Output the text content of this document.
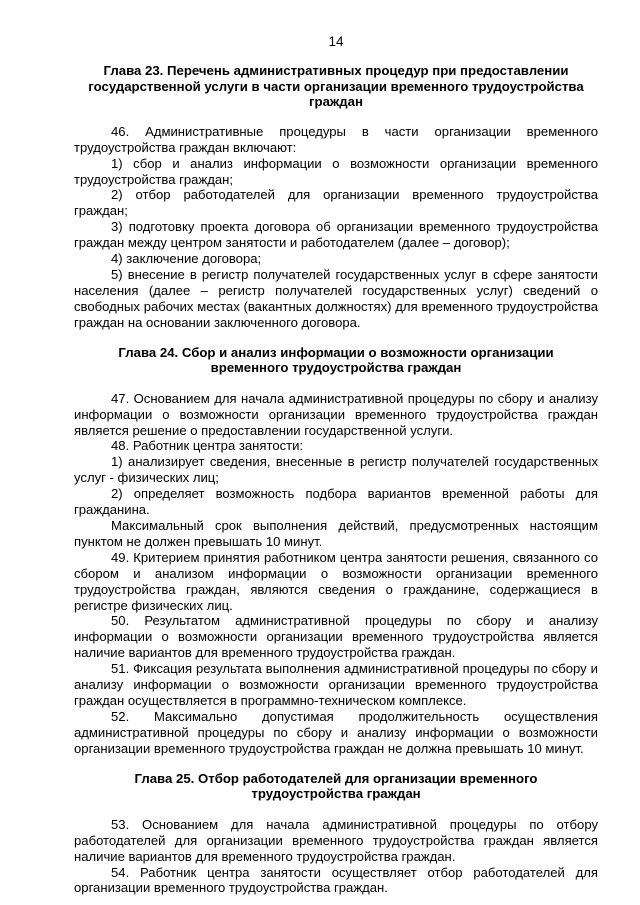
14
Глава 23. Перечень административных процедур при предоставлении государственной услуги в части организации временного трудоустройства граждан

46. Административные процедуры в части организации временного трудоустройства граждан включают:

1) сбор и анализ информации о возможности организации временного трудоустройства граждан;

2) отбор работодателей для организации временного трудоустройства граждан;

3) подготовку проекта договора об организации временного трудоустройства граждан между центром занятости и работодателем (далее – договор);

4) заключение договора;

5) внесение в регистр получателей государственных услуг в сфере занятости населения (далее – регистр получателей государственных услуг) сведений о свободных рабочих местах (вакантных должностях) для временного трудоустройства граждан на основании заключенного договора.

Глава 24. Сбор и анализ информации о возможности организации временного трудоустройства граждан

47. Основанием для начала административной процедуры по сбору и анализу информации о возможности организации временного трудоустройства граждан является решение о предоставлении государственной услуги.

48. Работник центра занятости:

1) анализирует сведения, внесенные в регистр получателей государственных услуг - физических лиц;

2) определяет возможность подбора вариантов временной работы для гражданина.

Максимальный срок выполнения действий, предусмотренных настоящим пунктом не должен превышать 10 минут.

49. Критерием принятия работником центра занятости решения, связанного со сбором и анализом информации о возможности организации временного трудоустройства граждан, являются сведения о гражданине, содержащиеся в регистре физических лиц.

50. Результатом административной процедуры по сбору и анализу информации о возможности организации временного трудоустройства является наличие вариантов для временного трудоустройства граждан.

51. Фиксация результата выполнения административной процедуры по сбору и анализу информации о возможности организации временного трудоустройства граждан осуществляется в программно-техническом комплексе.

52. Максимально допустимая продолжительность осуществления административной процедуры по сбору и анализу информации о возможности организации временного трудоустройства граждан не должна превышать 10 минут.

Глава 25. Отбор работодателей для организации временного трудоустройства граждан

53. Основанием для начала административной процедуры по отбору работодателей для организации временного трудоустройства граждан является наличие вариантов для временного трудоустройства граждан.

54. Работник центра занятости осуществляет отбор работодателей для организации временного трудоустройства граждан.
